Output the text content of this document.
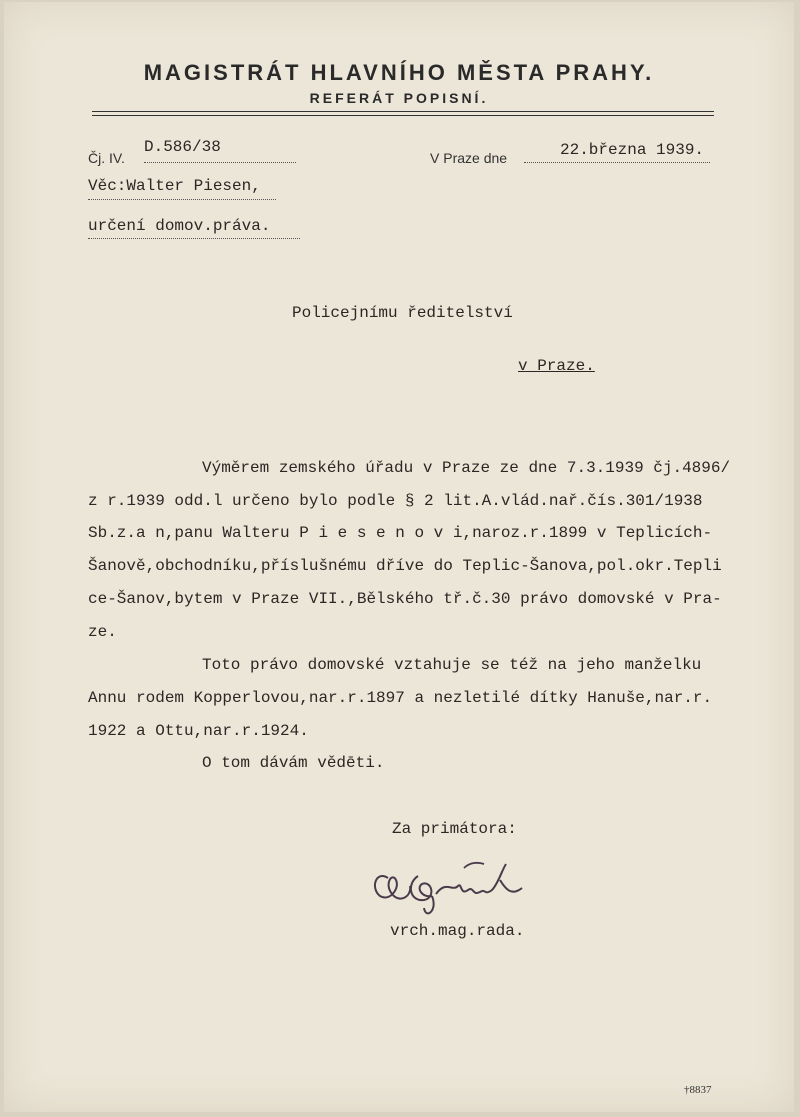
MAGISTRÁT HLAVNÍHO MĚSTA PRAHY.
REFERÁT POPISNÍ.
Čj. IV.
D.586/38
V Praze dne	22.března 1939.
Věc:Walter Piesen,
určení domov.práva.
Policejnímu ředitelství
v Praze.
Výměrem zemského úřadu v Praze ze dne 7.3.1939 čj.4896/
z r.1939 odd.l určeno bylo podle § 2 lit.A.vlád.nař.čís.301/1938
Sb.z.a n,panu Walteru P i e s e n o v i,naroz.r.1899 v Teplicích-
Šanově,obchodníku,příslušnému dříve do Teplic-Šanova,pol.okr.Tepli
ce-Šanov,bytem v Praze VII.,Bělského tř.č.30 právo domovské v Pra-
ze.
Toto právo domovské vztahuje se též na jeho manželku
Annu rodem Kopperlovou,nar.r.1897 a nezletilé dítky Hanuše,nar.r.
1922 a Ottu,nar.r.1924.
O tom dávám vědēti.
Za primátora:
vrch.mag.rada.
†8837
